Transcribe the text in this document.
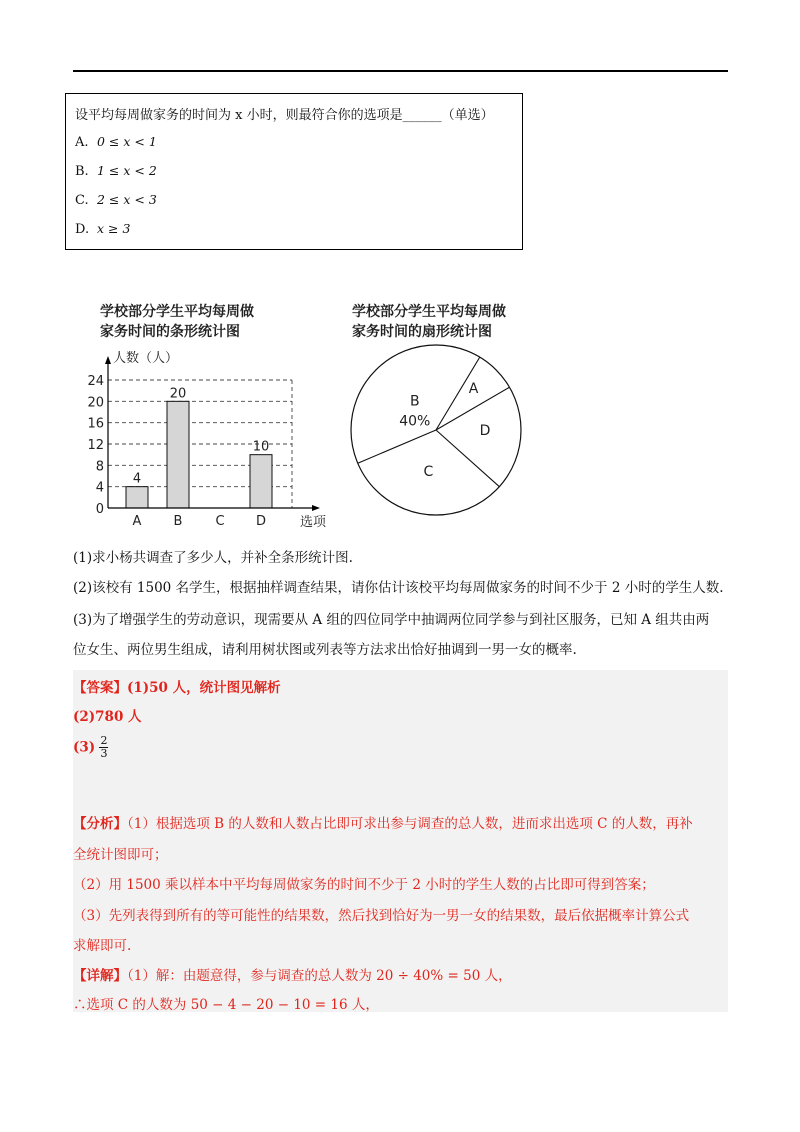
设平均每周做家务的时间为 x 小时，则最符合你的选项是______（单选）
A. 0 ≤ x < 1
B. 1 ≤ x < 2
C. 2 ≤ x < 3
D. x ≥ 3
学校部分学生平均每周做
家务时间的条形统计图
人数（人）
0
4
8
12
16
20
24
4
A
20
B	C
10
D	选项
学校部分学生平均每周做
家务时间的扇形统计图
B
40%
A
D
C
(1)求小杨共调查了多少人，并补全条形统计图.
(2)该校有 1500 名学生，根据抽样调查结果，请你估计该校平均每周做家务的时间不少于 2 小时的学生人数.
(3)为了增强学生的劳动意识，现需要从 A 组的四位同学中抽调两位同学参与到社区服务，已知 A 组共由两
位女生、两位男生组成，请利用树状图或列表等方法求出恰好抽调到一男一女的概率.
【答案】(1)50 人，统计图见解析
(2)780 人
$(3) \frac{2}{3}$
【分析】（1）根据选项 B 的人数和人数占比即可求出参与调查的总人数，进而求出选项 C 的人数，再补
全统计图即可；
（2）用 1500 乘以样本中平均每周做家务的时间不少于 2 小时的学生人数的占比即可得到答案；
（3）先列表得到所有的等可能性的结果数，然后找到恰好为一男一女的结果数，最后依据概率计算公式
求解即可.
【详解】（1）解：由题意得，参与调查的总人数为 20 ÷ 40% = 50 人，
∴选项 C 的人数为 50 − 4 − 20 − 10 = 16 人，
